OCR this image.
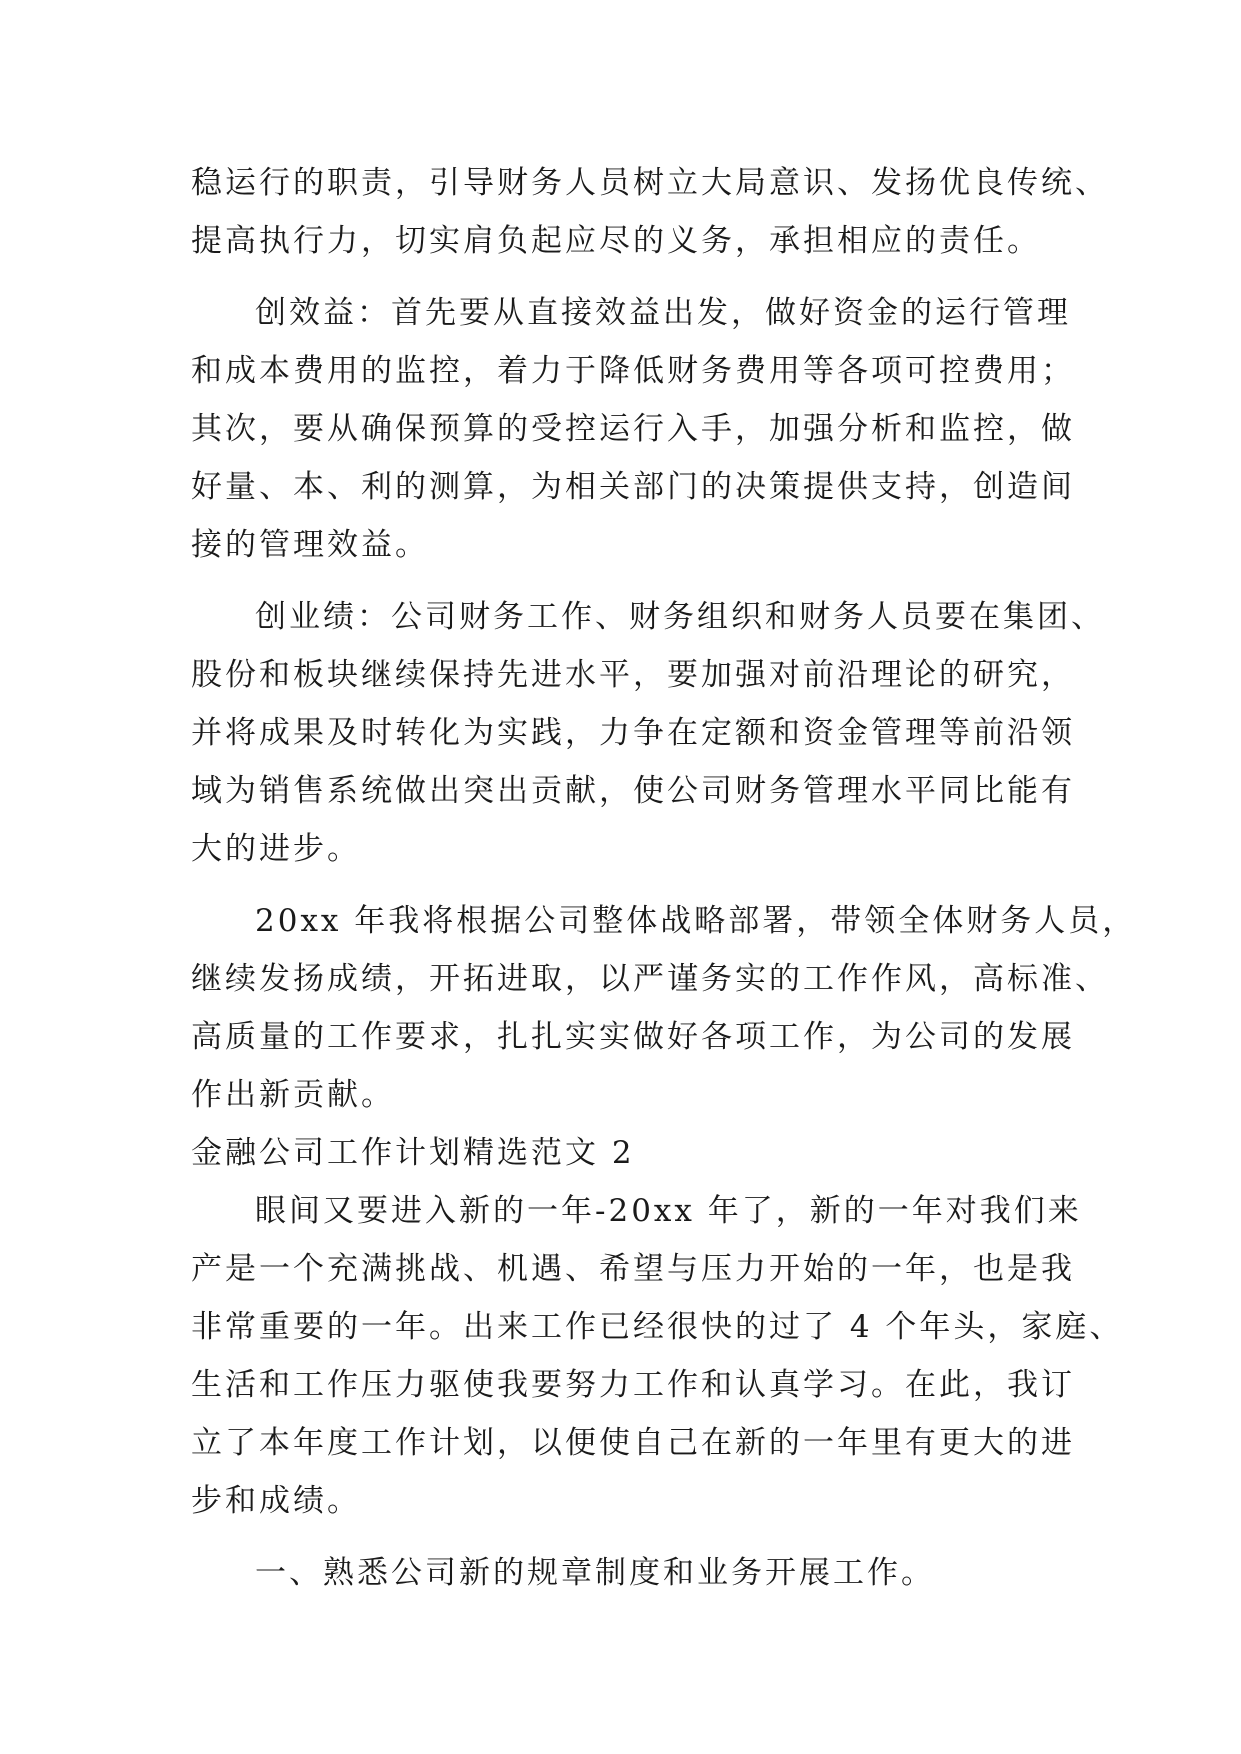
稳运行的职责，引导财务人员树立大局意识、发扬优良传统、
提高执行力，切实肩负起应尽的义务，承担相应的责任。
创效益：首先要从直接效益出发，做好资金的运行管理
和成本费用的监控，着力于降低财务费用等各项可控费用；
其次，要从确保预算的受控运行入手，加强分析和监控，做
好量、本、利的测算，为相关部门的决策提供支持，创造间
接的管理效益。
创业绩：公司财务工作、财务组织和财务人员要在集团、
股份和板块继续保持先进水平，要加强对前沿理论的研究，
并将成果及时转化为实践，力争在定额和资金管理等前沿领
域为销售系统做出突出贡献，使公司财务管理水平同比能有
大的进步。
20xx 年我将根据公司整体战略部署，带领全体财务人员，
继续发扬成绩，开拓进取，以严谨务实的工作作风，高标准、
高质量的工作要求，扎扎实实做好各项工作，为公司的发展
作出新贡献。
金融公司工作计划精选范文 2
眼间又要进入新的一年-20xx 年了，新的一年对我们来
产是一个充满挑战、机遇、希望与压力开始的一年，也是我
非常重要的一年。出来工作已经很快的过了 4 个年头，家庭、
生活和工作压力驱使我要努力工作和认真学习。在此，我订
立了本年度工作计划，以便使自己在新的一年里有更大的进
步和成绩。
一、熟悉公司新的规章制度和业务开展工作。
